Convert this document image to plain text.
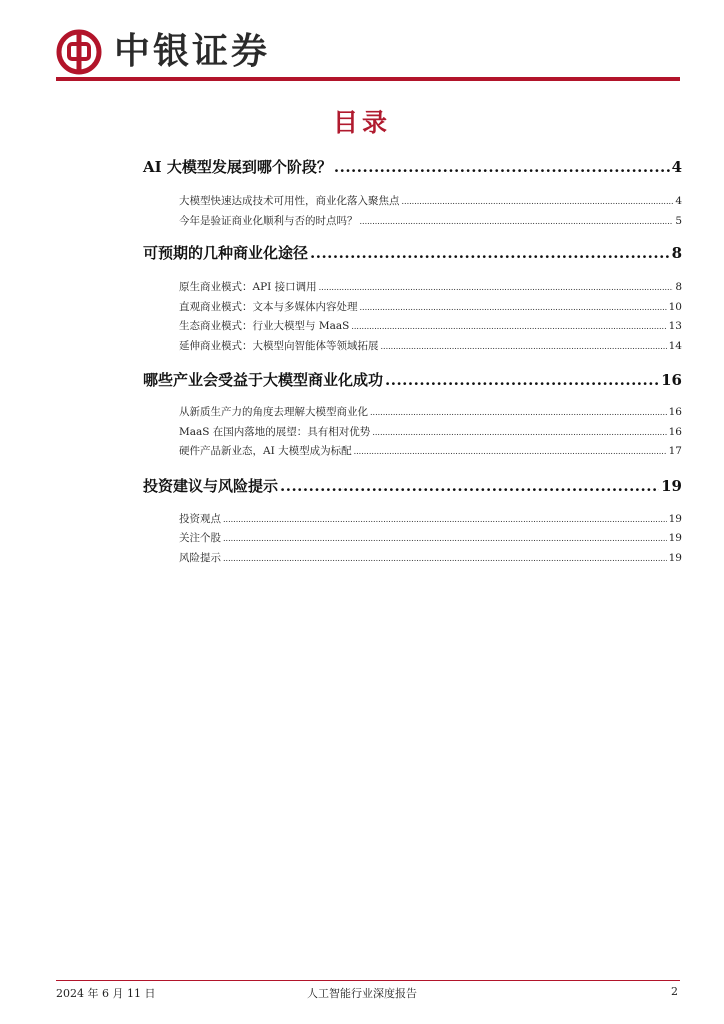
中银证券
目录
AI 大模型发展到哪个阶段？ .....	4
大模型快速达成技术可用性，商业化落入聚焦点 .....	4
今年是验证商业化顺利与否的时点吗？ .....	5
可预期的几种商业化途径 .....	8
原生商业模式：API 接口调用 .....	8
直观商业模式：文本与多媒体内容处理 .....	10
生态商业模式：行业大模型与 MaaS .....	13
延伸商业模式：大模型向智能体等领域拓展 .....	14
哪些产业会受益于大模型商业化成功 .....	16
从新质生产力的角度去理解大模型商业化 .....	16
MaaS 在国内落地的展望：具有相对优势 .....	16
硬件产品新业态，AI 大模型成为标配 .....	17
投资建议与风险提示 .....	19
投资观点 .....	19
关注个股 .....	19
风险提示 .....	19
2024 年 6 月 11 日	人工智能行业深度报告	2
